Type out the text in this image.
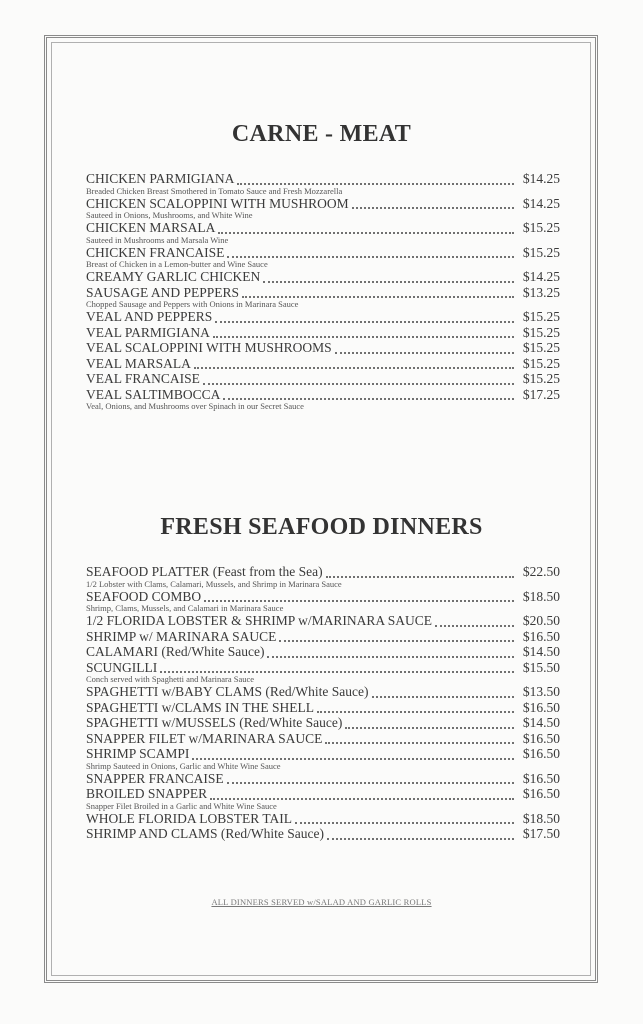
CARNE - MEAT
CHICKEN PARMIGIANA	$14.25
Breaded Chicken Breast Smothered in Tomato Sauce and Fresh Mozzarella
CHICKEN SCALOPPINI WITH MUSHROOM	$14.25
Sauteed in Onions, Mushrooms, and White Wine
CHICKEN MARSALA	$15.25
Sauteed in Mushrooms and Marsala Wine
CHICKEN FRANCAISE	$15.25
Breast of Chicken in a Lemon-butter and Wine Sauce
CREAMY GARLIC CHICKEN	$14.25
SAUSAGE AND PEPPERS	$13.25
Chopped Sausage and Peppers with Onions in Marinara Sauce
VEAL AND PEPPERS	$15.25
VEAL PARMIGIANA	$15.25
VEAL SCALOPPINI WITH MUSHROOMS	$15.25
VEAL MARSALA	$15.25
VEAL FRANCAISE	$15.25
VEAL SALTIMBOCCA	$17.25
Veal, Onions, and Mushrooms over Spinach in our Secret Sauce
FRESH SEAFOOD DINNERS
SEAFOOD PLATTER (Feast from the Sea)	$22.50
1/2 Lobster with Clams, Calamari, Mussels, and Shrimp in Marinara Sauce
SEAFOOD COMBO	$18.50
Shrimp, Clams, Mussels, and Calamari in Marinara Sauce
1/2 FLORIDA LOBSTER & SHRIMP w/MARINARA SAUCE	$20.50
SHRIMP w/ MARINARA SAUCE	$16.50
CALAMARI (Red/White Sauce)	$14.50
SCUNGILLI	$15.50
Conch served with Spaghetti and Marinara Sauce
SPAGHETTI w/BABY CLAMS (Red/White Sauce)	$13.50
SPAGHETTI w/CLAMS IN THE SHELL	$16.50
SPAGHETTI w/MUSSELS (Red/White Sauce)	$14.50
SNAPPER FILET w/MARINARA SAUCE	$16.50
SHRIMP SCAMPI	$16.50
Shrimp Sauteed in Onions, Garlic and White Wine Sauce
SNAPPER FRANCAISE	$16.50
BROILED SNAPPER	$16.50
Snapper Filet Broiled in a Garlic and White Wine Sauce
WHOLE FLORIDA LOBSTER TAIL	$18.50
SHRIMP AND CLAMS (Red/White Sauce)	$17.50
ALL DINNERS SERVED w/SALAD AND GARLIC ROLLS
